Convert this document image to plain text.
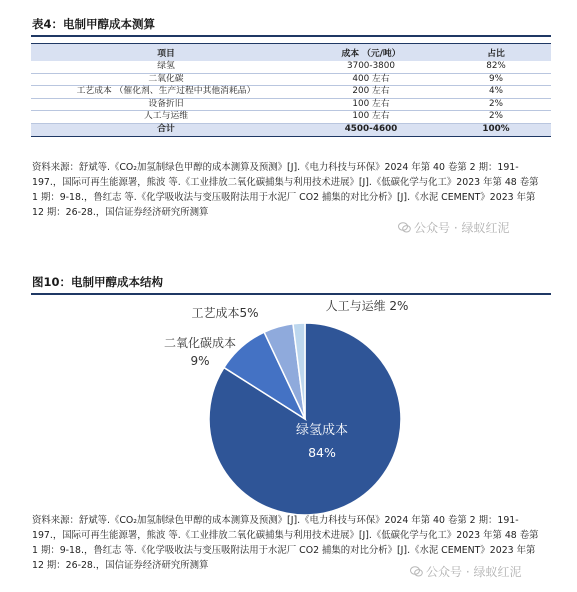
表4：电制甲醇成本测算
项目	成本 （元/吨）	占比
绿氢	3700-3800	82%
二氧化碳	400 左右	9%
工艺成本 （催化剂、生产过程中其他消耗品）	200 左右	4%
设备折旧	100 左右	2%
人工与运维	100 左右	2%
合计	4500-4600	100%
资料来源：舒斌等.《CO₂加氢制绿色甲醇的成本测算及预测》[J].《电力科技与环保》2024 年第 40 卷第 2 期：191-197.，国际可再生能源署，熊波 等.《工业排放二氧化碳捕集与利用技术进展》[J].《低碳化学与化工》2023 年第 48 卷第 1 期：9-18.，鲁红志 等.《化学吸收法与变压吸附法用于水泥厂 CO2 捕集的对比分析》[J].《水泥 CEMENT》2023 年第 12 期：26-28.，国信证券经济研究所测算
公众号 · 绿蚁红泥
图10：电制甲醇成本结构
绿氢成本
84%
二氧化碳成本
9%
工艺成本5%	人工与运维 2%
资料来源：舒斌等.《CO₂加氢制绿色甲醇的成本测算及预测》[J].《电力科技与环保》2024 年第 40 卷第 2 期：191-197.，国际可再生能源署，熊波 等.《工业排放二氧化碳捕集与利用技术进展》[J].《低碳化学与化工》2023 年第 48 卷第 1 期：9-18.，鲁红志 等.《化学吸收法与变压吸附法用于水泥厂 CO2 捕集的对比分析》[J].《水泥 CEMENT》2023 年第 12 期：26-28.，国信证券经济研究所测算	公众号 · 绿蚁红泥
